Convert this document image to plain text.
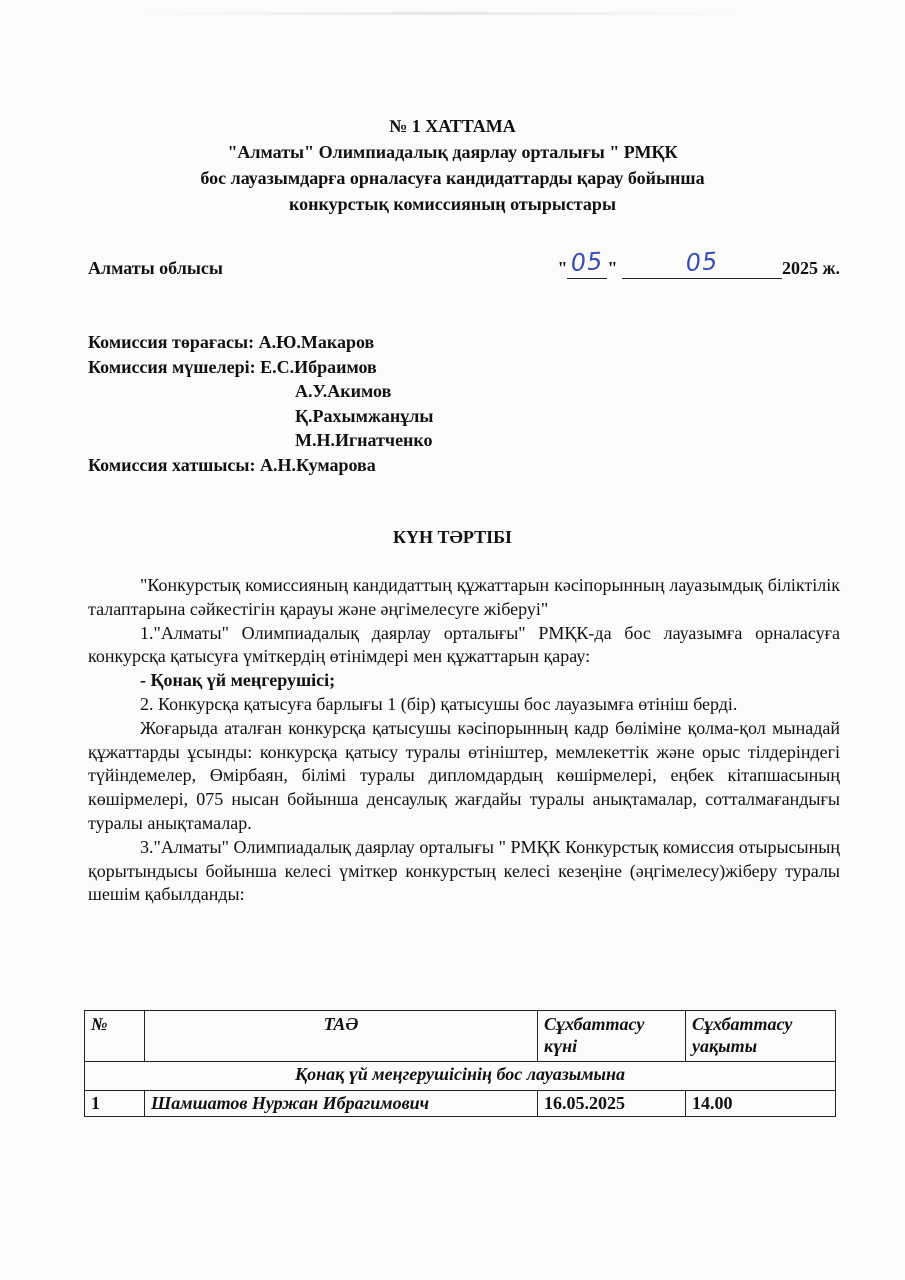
№ 1 ХАТТАМА
"Алматы" Олимпиадалық даярлау орталығы " РМҚК
бос лауазымдарға орналасуға кандидаттарды қарау бойынша
конкурстық комиссияның отырыстары
Алматы облысы	" 05 "	05	2025 ж.
Комиссия төрағасы: А.Ю.Макаров
Комиссия мүшелері: Е.С.Ибраимов
А.У.Акимов
Қ.Рахымжанұлы
М.Н.Игнатченко
Комиссия хатшысы: А.Н.Кумарова
КҮН ТӘРТІБІ

"Конкурстық комиссияның кандидаттың құжаттарын кәсіпорынның лауазымдық біліктілік талаптарына сәйкестігін қарауы және әңгімелесуге жіберуі"

1."Алматы" Олимпиадалық даярлау орталығы" РМҚК-да бос лауазымға орналасуға конкурсқа қатысуға үміткердің өтінімдері мен құжаттарын қарау:

- Қонақ үй меңгерушісі;

2. Конкурсқа қатысуға барлығы 1 (бір) қатысушы бос лауазымға өтініш берді.

Жоғарыда аталған конкурсқа қатысушы кәсіпорынның кадр бөліміне қолма-қол мынадай құжаттарды ұсынды: конкурсқа қатысу туралы өтініштер, мемлекеттік және орыс тілдеріндегі түйіндемелер, Өмірбаян, білімі туралы дипломдардың көшірмелері, еңбек кітапшасының көшірмелері, 075 нысан бойынша денсаулық жағдайы туралы анықтамалар, сотталмағандығы туралы анықтамалар.

3."Алматы" Олимпиадалық даярлау орталығы " РМҚК Конкурстық комиссия отырысының қорытындысы бойынша келесі үміткер конкурстың келесі кезеңіне (әңгімелесу)жіберу туралы шешім қабылданды:

№	ТАӘ	Сұхбаттасу күні	Сұхбаттасу уақыты
Қонақ үй меңгерушісінің бос лауазымына			
1	Шамшатов Нуржан Ибрагимович	16.05.2025	14.00
